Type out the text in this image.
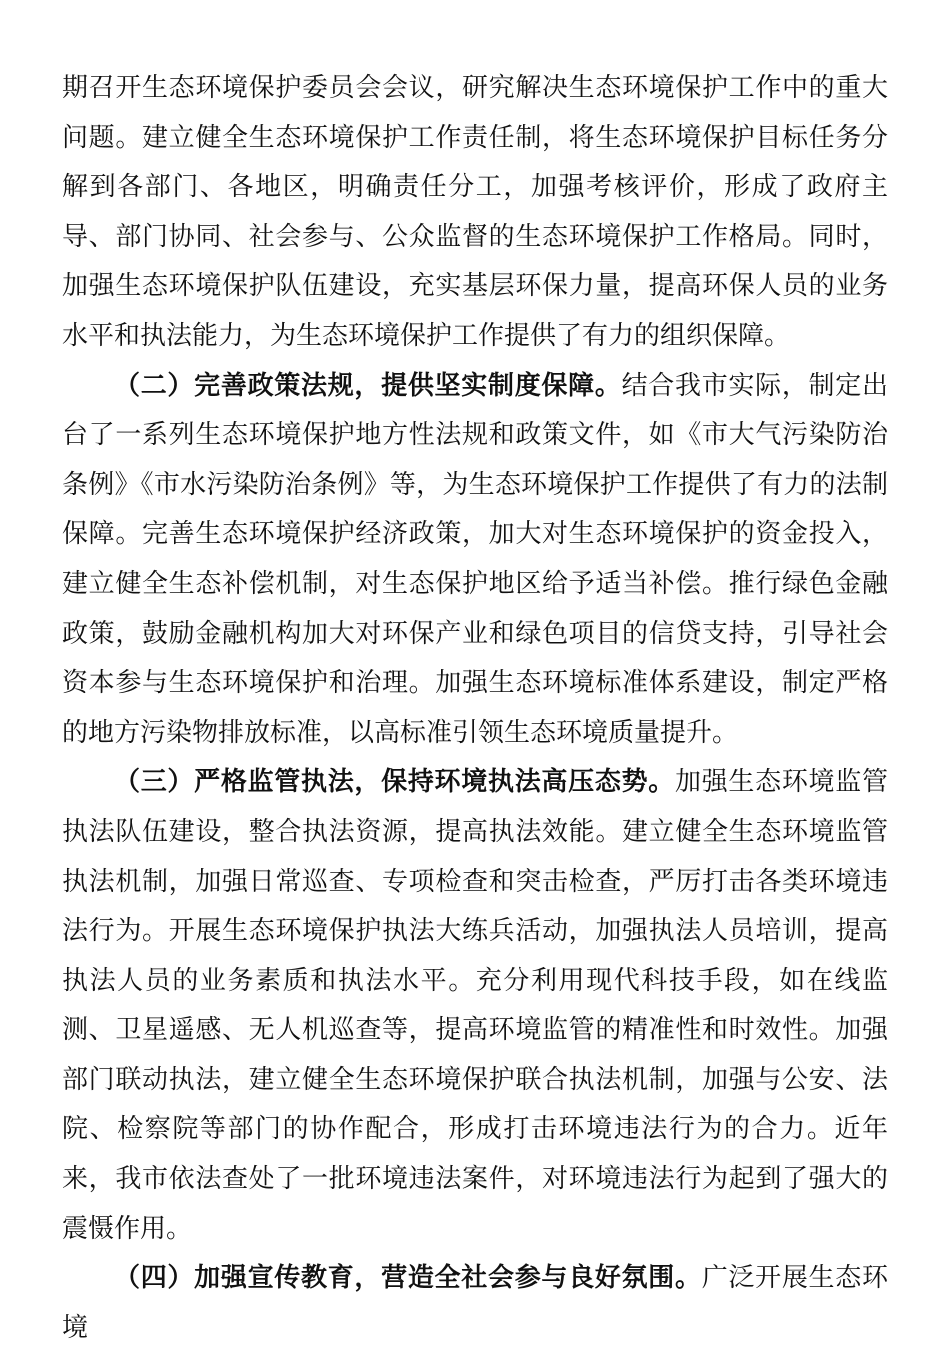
期召开生态环境保护委员会会议，研究解决生态环境保护工作中的重大问题。建立健全生态环境保护工作责任制，将生态环境保护目标任务分解到各部门、各地区，明确责任分工，加强考核评价，形成了政府主导、部门协同、社会参与、公众监督的生态环境保护工作格局。同时，加强生态环境保护队伍建设，充实基层环保力量，提高环保人员的业务水平和执法能力，为生态环境保护工作提供了有力的组织保障。

（二）完善政策法规，提供坚实制度保障。结合我市实际，制定出台了一系列生态环境保护地方性法规和政策文件，如《市大气污染防治条例》《市水污染防治条例》等，为生态环境保护工作提供了有力的法制保障。完善生态环境保护经济政策，加大对生态环境保护的资金投入，建立健全生态补偿机制，对生态保护地区给予适当补偿。推行绿色金融政策，鼓励金融机构加大对环保产业和绿色项目的信贷支持，引导社会资本参与生态环境保护和治理。加强生态环境标准体系建设，制定严格的地方污染物排放标准，以高标准引领生态环境质量提升。

（三）严格监管执法，保持环境执法高压态势。加强生态环境监管执法队伍建设，整合执法资源，提高执法效能。建立健全生态环境监管执法机制，加强日常巡查、专项检查和突击检查，严厉打击各类环境违法行为。开展生态环境保护执法大练兵活动，加强执法人员培训，提高执法人员的业务素质和执法水平。充分利用现代科技手段，如在线监测、卫星遥感、无人机巡查等，提高环境监管的精准性和时效性。加强部门联动执法，建立健全生态环境保护联合执法机制，加强与公安、法院、检察院等部门的协作配合，形成打击环境违法行为的合力。近年来，我市依法查处了一批环境违法案件，对环境违法行为起到了强大的震慑作用。

（四）加强宣传教育，营造全社会参与良好氛围。广泛开展生态环境
